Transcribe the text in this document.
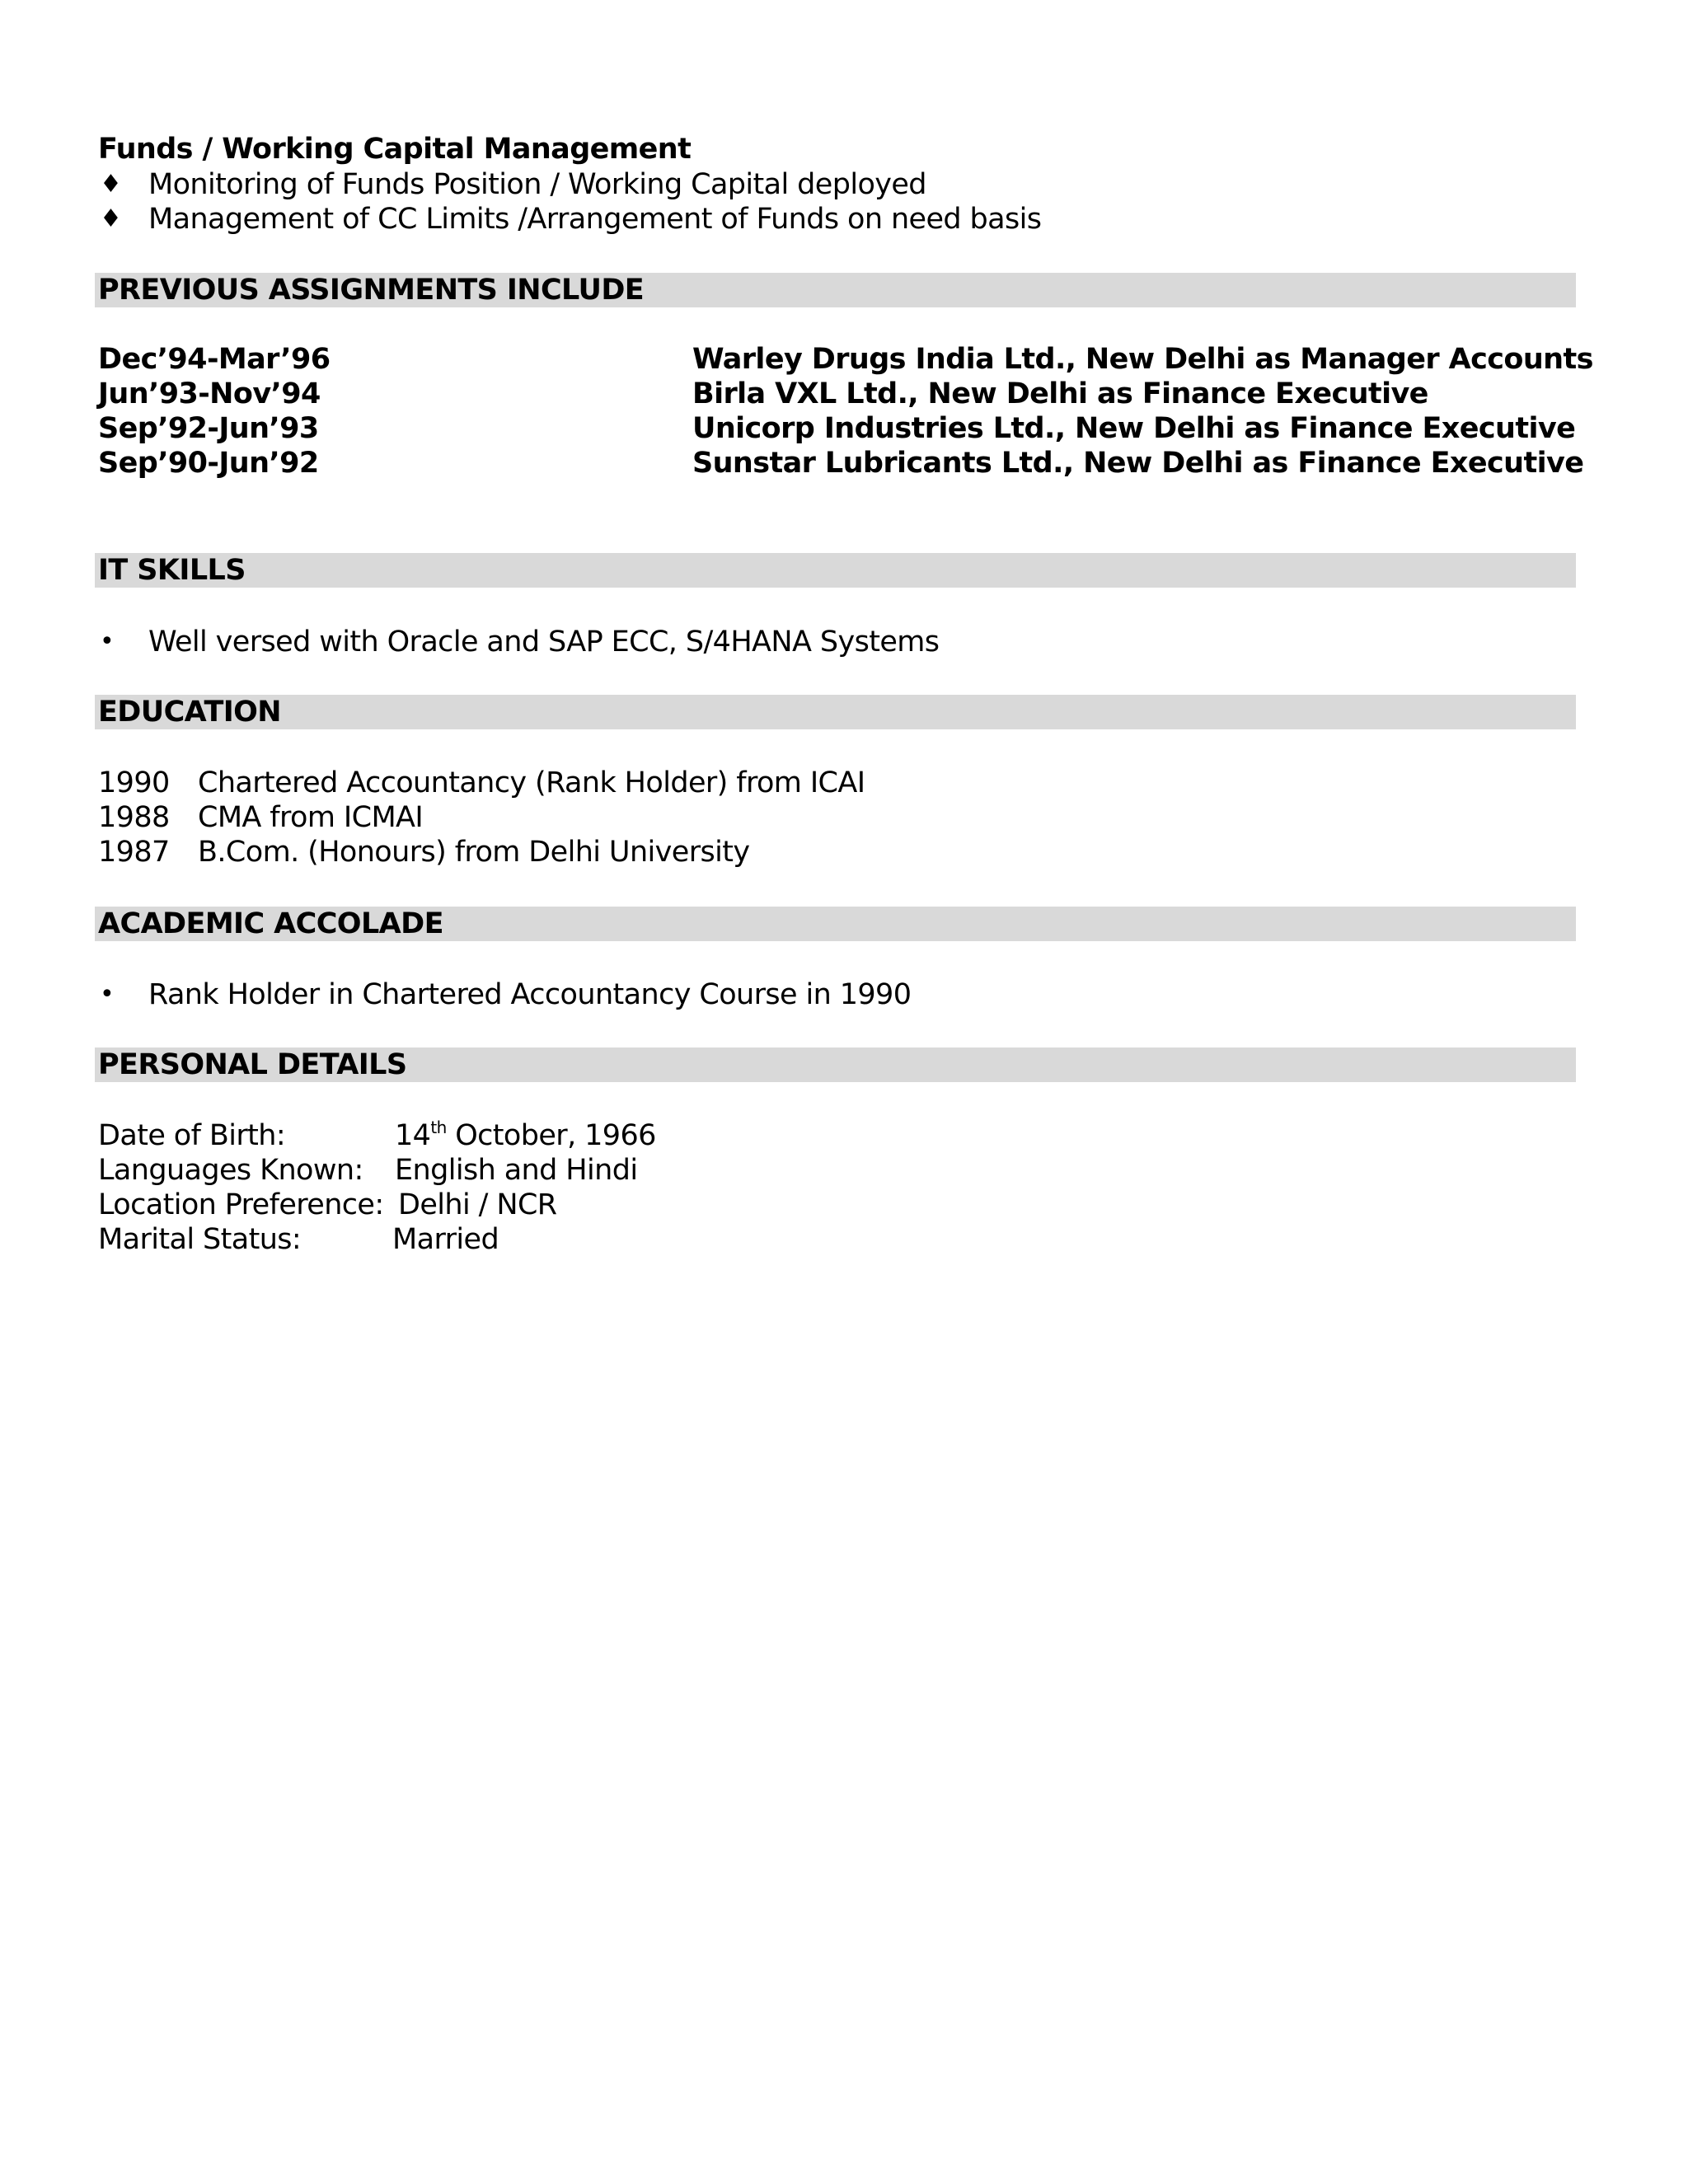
Funds / Working Capital Management
♦ Monitoring of Funds Position / Working Capital deployed
♦ Management of CC Limits /Arrangement of Funds on need basis
PREVIOUS ASSIGNMENTS INCLUDE
Dec’94-Mar’96	Warley Drugs India Ltd., New Delhi as Manager Accounts
Jun’93-Nov’94	Birla VXL Ltd., New Delhi as Finance Executive
Sep’92-Jun’93	Unicorp Industries Ltd., New Delhi as Finance Executive
Sep’90-Jun’92	Sunstar Lubricants Ltd., New Delhi as Finance Executive
IT SKILLS
• Well versed with Oracle and SAP ECC, S/4HANA Systems
EDUCATION
1990 Chartered Accountancy (Rank Holder) from ICAI
1988 CMA from ICMAI
1987 B.Com. (Honours) from Delhi University
ACADEMIC ACCOLADE
• Rank Holder in Chartered Accountancy Course in 1990
PERSONAL DETAILS
Date of Birth:	14th October, 1966
Languages Known: English and Hindi
Location Preference: Delhi / NCR
Marital Status:	Married
